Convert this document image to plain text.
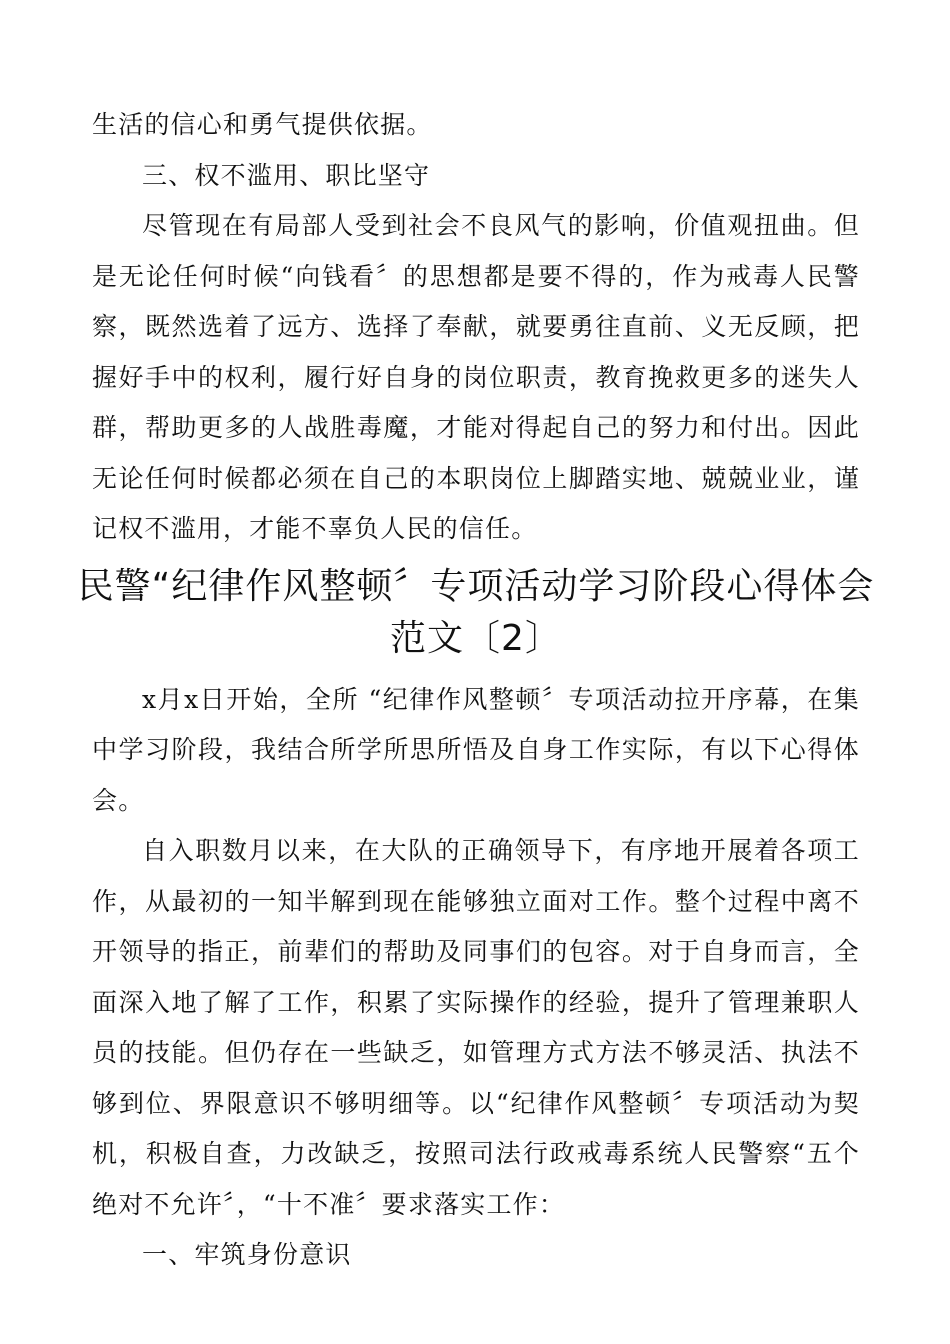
生活的信心和勇气提供依据。

三、权不滥用、职比坚守

尽管现在有局部人受到社会不良风气的影响，价值观扭曲。但是无论任何时候“向钱看〞的思想都是要不得的，作为戒毒人民警察，既然选着了远方、选择了奉献，就要勇往直前、义无反顾，把握好手中的权利，履行好自身的岗位职责，教育挽救更多的迷失人群，帮助更多的人战胜毒魔，才能对得起自己的努力和付出。因此无论任何时候都必须在自己的本职岗位上脚踏实地、兢兢业业，谨记权不滥用，才能不辜负人民的信任。

民警“纪律作风整顿〞专项活动学习阶段心得体会范文〔2〕

x月x日开始，全所 “纪律作风整顿〞专项活动拉开序幕，在集中学习阶段，我结合所学所思所悟及自身工作实际，有以下心得体会。

自入职数月以来，在大队的正确领导下，有序地开展着各项工作，从最初的一知半解到现在能够独立面对工作。整个过程中离不开领导的指正，前辈们的帮助及同事们的包容。对于自身而言，全面深入地了解了工作，积累了实际操作的经验，提升了管理兼职人员的技能。但仍存在一些缺乏，如管理方式方法不够灵活、执法不够到位、界限意识不够明细等。以“纪律作风整顿〞专项活动为契机，积极自查，力改缺乏，按照司法行政戒毒系统人民警察“五个绝对不允许〞，“十不准〞要求落实工作：

一、牢筑身份意识
